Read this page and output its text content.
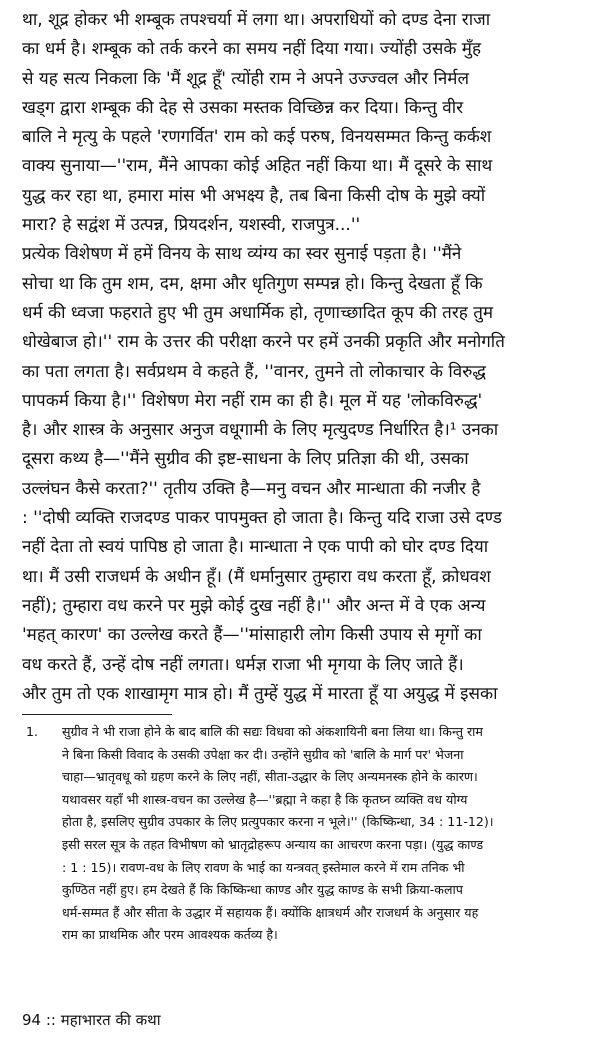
था, शूद्र होकर भी शम्बूक तपश्चर्या में लगा था। अपराधियों को दण्ड देना राजा
का धर्म है। शम्बूक को तर्क करने का समय नहीं दिया गया। ज्योंही उसके मुँह
से यह सत्य निकला कि 'मैं शूद्र हूँ' त्योंही राम ने अपने उज्ज्वल और निर्मल
खड्ग द्वारा शम्बूक की देह से उसका मस्तक विच्छिन्न कर दिया। किन्तु वीर
बालि ने मृत्यु के पहले 'रणगर्वित' राम को कई परुष, विनयसम्मत किन्तु कर्कश
वाक्य सुनाया—''राम, मैंने आपका कोई अहित नहीं किया था। मैं दूसरे के साथ
युद्ध कर रहा था, हमारा मांस भी अभक्ष्य है, तब बिना किसी दोष के मुझे क्यों
मारा? हे सद्वंश में उत्पन्न, प्रियदर्शन, यशस्वी, राजपुत्र...''
प्रत्येक विशेषण में हमें विनय के साथ व्यंग्य का स्वर सुनाई पड़ता है। ''मैंने
सोचा था कि तुम शम, दम, क्षमा और धृतिगुण सम्पन्न हो। किन्तु देखता हूँ कि
धर्म की ध्वजा फहराते हुए भी तुम अधार्मिक हो, तृणाच्छादित कूप की तरह तुम
धोखेबाज हो।'' राम के उत्तर की परीक्षा करने पर हमें उनकी प्रकृति और मनोगति
का पता लगता है। सर्वप्रथम वे कहते हैं, ''वानर, तुमने तो लोकाचार के विरुद्ध
पापकर्म किया है।'' विशेषण मेरा नहीं राम का ही है। मूल में यह 'लोकविरुद्ध'
है। और शास्त्र के अनुसार अनुज वधूगामी के लिए मृत्युदण्ड निर्धारित है।¹ उनका
दूसरा कथ्य है—''मैंने सुग्रीव की इष्ट-साधना के लिए प्रतिज्ञा की थी, उसका
उल्लंघन कैसे करता?'' तृतीय उक्ति है—मनु वचन और मान्धाता की नजीर है
: ''दोषी व्यक्ति राजदण्ड पाकर पापमुक्त हो जाता है। किन्तु यदि राजा उसे दण्ड
नहीं देता तो स्वयं पापिष्ठ हो जाता है। मान्धाता ने एक पापी को घोर दण्ड दिया
था। मैं उसी राजधर्म के अधीन हूँ। (मैं धर्मानुसार तुम्हारा वध करता हूँ, क्रोधवश
नहीं); तुम्हारा वध करने पर मुझे कोई दुख नहीं है।'' और अन्त में वे एक अन्य
'महत् कारण' का उल्लेख करते हैं—''मांसाहारी लोग किसी उपाय से मृगों का
वध करते हैं, उन्हें दोष नहीं लगता। धर्मज्ञ राजा भी मृगया के लिए जाते हैं।
और तुम तो एक शाखामृग मात्र हो। मैं तुम्हें युद्ध में मारता हूँ या अयुद्ध में इसका
1. सुग्रीव ने भी राजा होने के बाद बालि की सद्यः विधवा को अंकशायिनी बना लिया था। किन्तु राम
ने बिना किसी विवाद के उसकी उपेक्षा कर दी। उन्होंने सुग्रीव को 'बालि के मार्ग पर' भेजना
चाहा—भ्रातृवधू को ग्रहण करने के लिए नहीं, सीता-उद्धार के लिए अन्यमनस्क होने के कारण।
यथावसर यहाँ भी शास्त्र-वचन का उल्लेख है—''ब्रह्मा ने कहा है कि कृतघ्न व्यक्ति वध योग्य
होता है, इसलिए सुग्रीव उपकार के लिए प्रत्युपकार करना न भूले।'' (किष्किन्धा, 34 : 11-12)।
इसी सरल सूत्र के तहत विभीषण को भ्रातृद्रोहरूप अन्याय का आचरण करना पड़ा। (युद्ध काण्ड
: 1 : 15)। रावण-वध के लिए रावण के भाई का यन्त्रवत् इस्तेमाल करने में राम तनिक भी
कुण्ठित नहीं हुए। हम देखते हैं कि किष्किन्धा काण्ड और युद्ध काण्ड के सभी क्रिया-कलाप
धर्म-सम्मत हैं और सीता के उद्धार में सहायक हैं। क्योंकि क्षात्रधर्म और राजधर्म के अनुसार यह
राम का प्राथमिक और परम आवश्यक कर्तव्य है।
94 :: महाभारत की कथा
